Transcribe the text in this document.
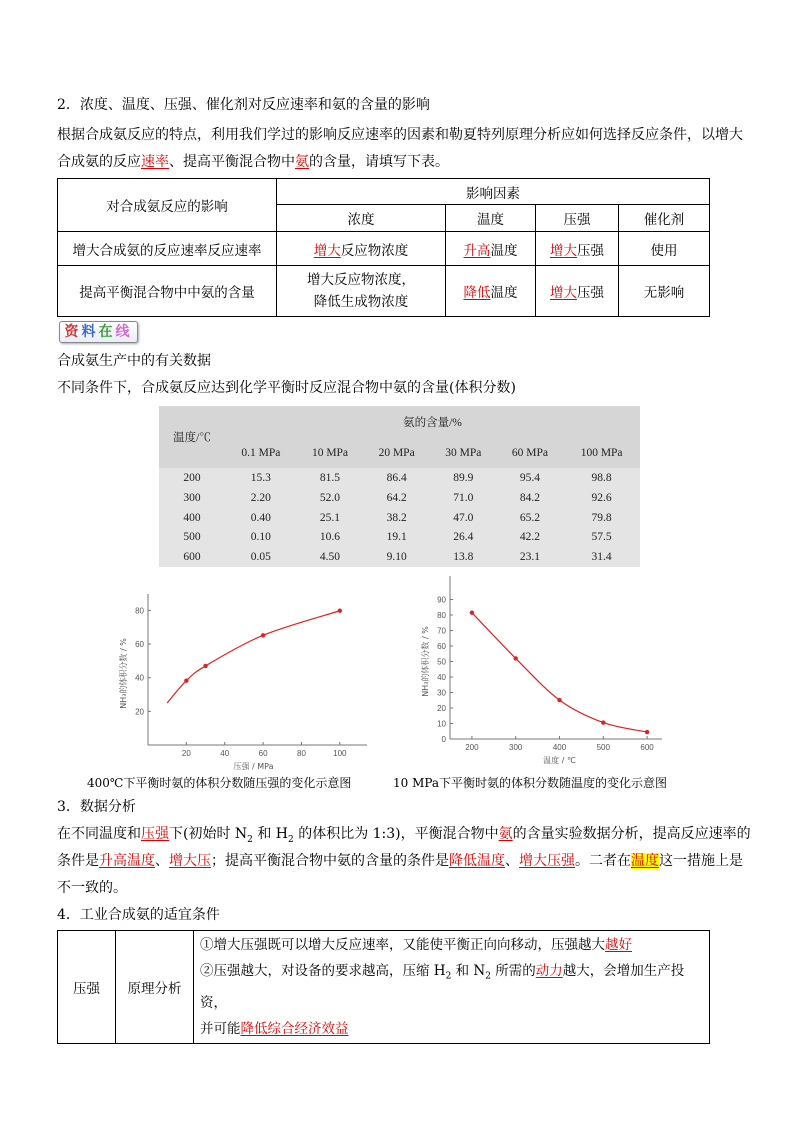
2．浓度、温度、压强、催化剂对反应速率和氨的含量的影响
根据合成氨反应的特点，利用我们学过的影响反应速率的因素和勒夏特列原理分析应如何选择反应条件，以增大
合成氨的反应速率、提高平衡混合物中氨的含量，请填写下表。
对合成氨反应的影响	影响因素			
	浓度	温度	压强	催化剂
增大合成氨的反应速率反应速率	增大反应物浓度	升高温度	增大压强	使用
提高平衡混合物中中氨的含量	增大反应物浓度，
降低生成物浓度	降低温度	增大压强	无影响
资料在线
合成氨生产中的有关数据
不同条件下，合成氨反应达到化学平衡时反应混合物中氨的含量(体积分数)
温度/℃	氨的含量/%					
	0.1 MPa	10 MPa	20 MPa	30 MPa	60 MPa	100 MPa
200	15.3	81.5	86.4	89.9	95.4	98.8
300	2.20	52.0	64.2	71.0	84.2	92.6
400	0.40	25.1	38.2	47.0	65.2	79.8
500	0.10	10.6	19.1	26.4	42.2	57.5
600	0.05	4.50	9.10	13.8	23.1	31.4
20
40
60
80
20	40	60	80	100
压强 / MPa
NH₃的体积分数 / %
0
10
20
30
40
50
60
70
80
90
200	300	400	500	600
温度 / ℃
NH₃的体积分数 / %
400℃下平衡时氨的体积分数随压强的变化示意图	10 MPa下平衡时氨的体积分数随温度的变化示意图
3．数据分析
在不同温度和压强下(初始时 $N_2$ 和 $H_2$ 的体积比为 1:3)，平衡混合物中氨的含量实验数据分析，提高反应速率的
条件是升高温度、增大压；提高平衡混合物中氨的含量的条件是降低温度、增大压强。二者在温度这一措施上是
不一致的。
4．工业合成氨的适宜条件
压强	原理分析	
①增大压强既可以增大反应速率，又能使平衡正向向移动，压强越大越好
②压强越大，对设备的要求越高，压缩 $H_2$ 和 $N_2$ 所需的动力越大，会增加生产投资，
并可能降低综合经济效益
